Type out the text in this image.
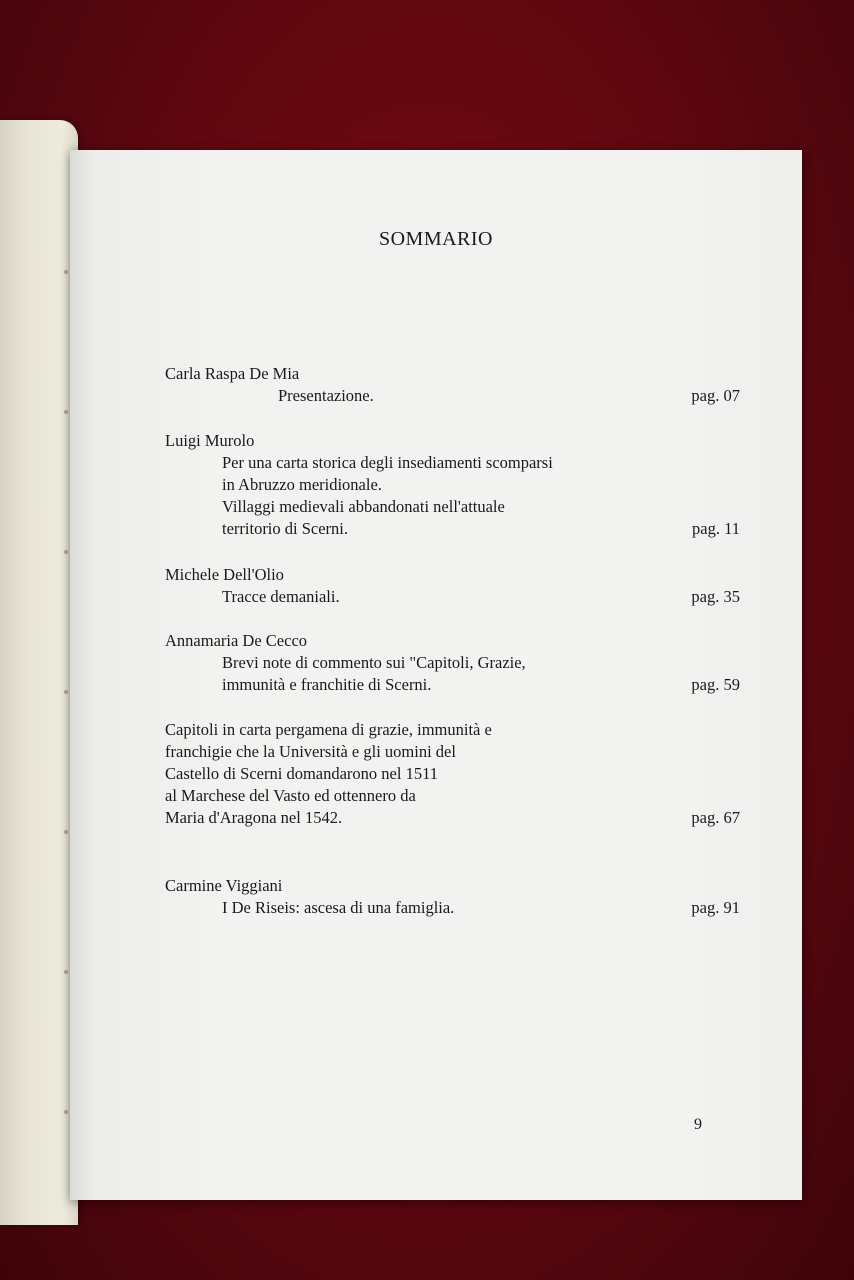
SOMMARIO
Carla Raspa De Mia
Presentazione.	pag. 07
Luigi Murolo
Per una carta storica degli insediamenti scomparsi
in Abruzzo meridionale.
Villaggi medievali abbandonati nell'attuale
territorio di Scerni.	pag. 11
Michele Dell'Olio
Tracce demaniali.	pag. 35
Annamaria De Cecco
Brevi note di commento sui "Capitoli, Grazie,
immunità e franchitie di Scerni.	pag. 59
Capitoli in carta pergamena di grazie, immunità e
franchigie che la Università e gli uomini del
Castello di Scerni domandarono nel 1511
al Marchese del Vasto ed ottennero da
Maria d'Aragona nel 1542.	pag. 67
Carmine Viggiani
I De Riseis: ascesa di una famiglia.	pag. 91
9
